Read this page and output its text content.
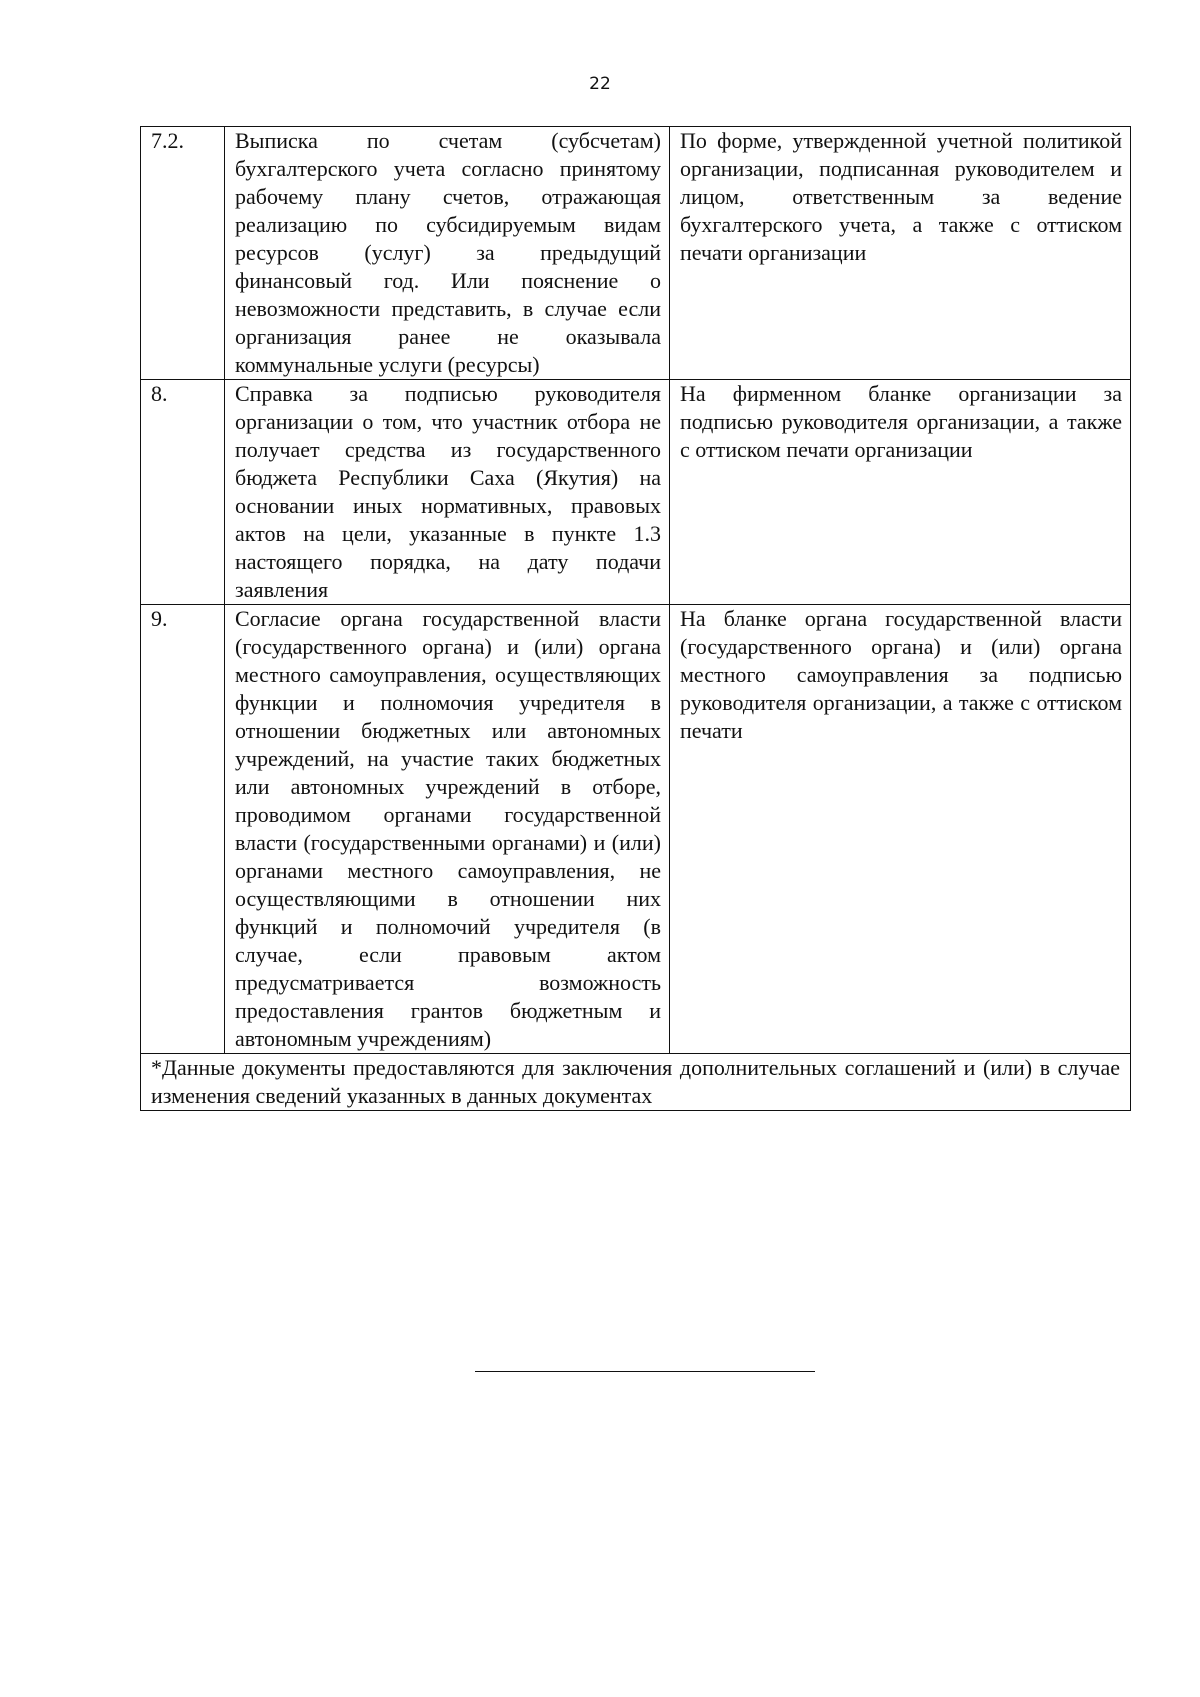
22
7.2.	Выписка по счетам (субсчетам) бухгалтерского учета согласно принятому рабочему плану счетов, отражающая реализацию по субсидируемым видам ресурсов (услуг) за предыдущий финансовый год. Или пояснение о невозможности представить, в случае если организация ранее не оказывала коммунальные услуги (ресурсы)	По форме, утвержденной учетной политикой организации, подписанная руководителем и лицом, ответственным за ведение бухгалтерского учета, а также с оттиском печати организации
8.	Справка за подписью руководителя организации о том, что участник отбора не получает средства из государственного бюджета Республики Саха (Якутия) на основании иных нормативных, правовых актов на цели, указанные в пункте 1.3 настоящего порядка, на дату подачи заявления	На фирменном бланке организации за подписью руководителя организации, а также с оттиском печати организации
9.	Согласие органа государственной власти (государственного органа) и (или) органа местного самоуправления, осуществляющих функции и полномочия учредителя в отношении бюджетных или автономных учреждений, на участие таких бюджетных или автономных учреждений в отборе, проводимом органами государственной власти (государственными органами) и (или) органами местного самоуправления, не осуществляющими в отношении них функций и полномочий учредителя (в случае, если правовым актом предусматривается возможность предоставления грантов бюджетным и автономным учреждениям)	На бланке органа государственной власти (государственного органа) и (или) органа местного самоуправления за подписью руководителя организации, а также с оттиском печати
*Данные документы предоставляются для заключения дополнительных соглашений и (или) в случае изменения сведений указанных в данных документах		
